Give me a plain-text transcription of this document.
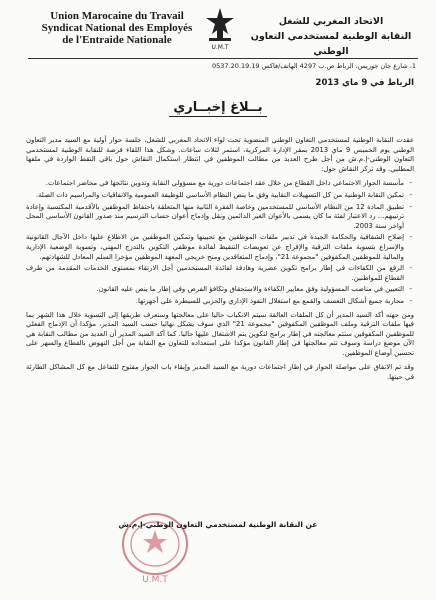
Union Marocaine du Travail
Syndicat National des Employés
de l'Entraide Nationale
U.M.T
الاتحاد المغربي للشغل
النقابة الوطنية لمستخدمي التعاون الوطني
1، شارع جان جوريس، الرباط ص.ب 4297 الهاتف/فاكس 0537.20.19.19
الرباط في 9 ماي 2013
بــلاغ إخبــاري

عقدت النقابة الوطنية لمستخدمي التعاون الوطني المنضوية تحت لواء الاتحاد المغربي للشغل، جلسة حوار أولية مع السيد مدير التعاون الوطني يوم الخميس 9 ماي 2013 بمقر الإدارة المركزية، استمر لثلاث ساعات. وشكل هذا اللقاء فرصة للنقابة الوطنية لمستخدمي التعاون الوطني-إ.م.ش من أجل طرح العديد من مطالب الموظفين في انتظار استكمال النقاش حول باقي النقط الواردة في ملفها المطلبي. وقد تركز النقاش حول:

- مأسسة الحوار الاجتماعي داخل القطاع من خلال عقد اجتماعات دورية مع مسؤولي النقابة وتدوين نتائجها في محاضر اجتماعات.
- تمكين النقابة الوطنية من كل التسهيلات النقابية وفق ما ينص النظام الأساسي للوظيفة العمومية والاتفاقيات والمراسيم ذات الصلة.
- تطبيق المادة 12 من النظام الأساسي للمستخدمين وخاصة الفقرة الثانية منها المتعلقة باحتفاظ الموظفين بالأقدمية المكتسبة وإعادة ترتيبهم... رد الاعتبار لفئة ما كان يسمى بالأعوان الغير الدائمين ونقل وإدماج أعوان حساب الترسيم منذ صدور القانون الأساسي المحل أواخر سنة 2003.
- إصلاح الشفافية والحكامة الجيدة في تدبير ملفات الموظفين مع تحيينها وتمكين الموظفين من الاطلاع عليها داخل الآجال القانونية والإسراع بتسوية ملفات الترقية والإفراج عن تعويضات التنقيط لفائدة موظفي التكوين بالتدرج المهني، وتسوية الوضعية الإدارية والمالية للموظفين المكفوفين "مجموعة 21"، وإدماج المتعاقدين ومنح خريجي المعهد الموظفين مؤخرا السلم المعادل للشهادتهم.
- الرفع من الكفاءات في إطار برامج تكوين عصرية وهادفة لفائدة المستخدمين أجل الارتقاء بمستوى الخدمات المقدمة من طرف القطاع للمواطنين.
- التعيين في مناصب المسؤولية وفق معايير الكفاءة والاستحقاق وتكافؤ الفرص وفي إطار ما ينص عليه القانون.
- محاربة جميع أشكال التعسف والقمع مع استغلال النفوذ الإداري والحزبي للسيطرة على أجهزتها.

ومن جهته أكد السيد المدير أن كل الملفات العالقة سيتم الانكباب حاليا على معالجتها وستعرف طريقها إلى التسوية خلال هذا الشهر بما فيها ملفات الترقية وملف الموظفين المكفوفين "مجموعة 21" الذي سوف يشكل نهائيا حسب السيد المدير، مؤكدا أن الإدماج الفعلي للموظفين المكفوفين ستتم معالجته في إطار برامج لتكوين يتم الاشتغال عليها حاليا. كما أكد السيد المدير أن العديد من مطالب النقابة هي الآن موضع دراسة وسوف تتم معالجتها في إطار القانون مؤكدا على استعداده للتعاون مع النقابة من أجل النهوض بالقطاع والسهر على تحسين أوضاع الموظفين.

وقد تم الاتفاق على مواصلة الحوار في إطار اجتماعات دورية مع السيد المدير وإبقاء باب الحوار مفتوح للتفاعل مع كل المشاكل الطارئة في حينها.

U.M.T
عن النقابة الوطنية لمستخدمي التعاون الوطني-إ.م.ش
